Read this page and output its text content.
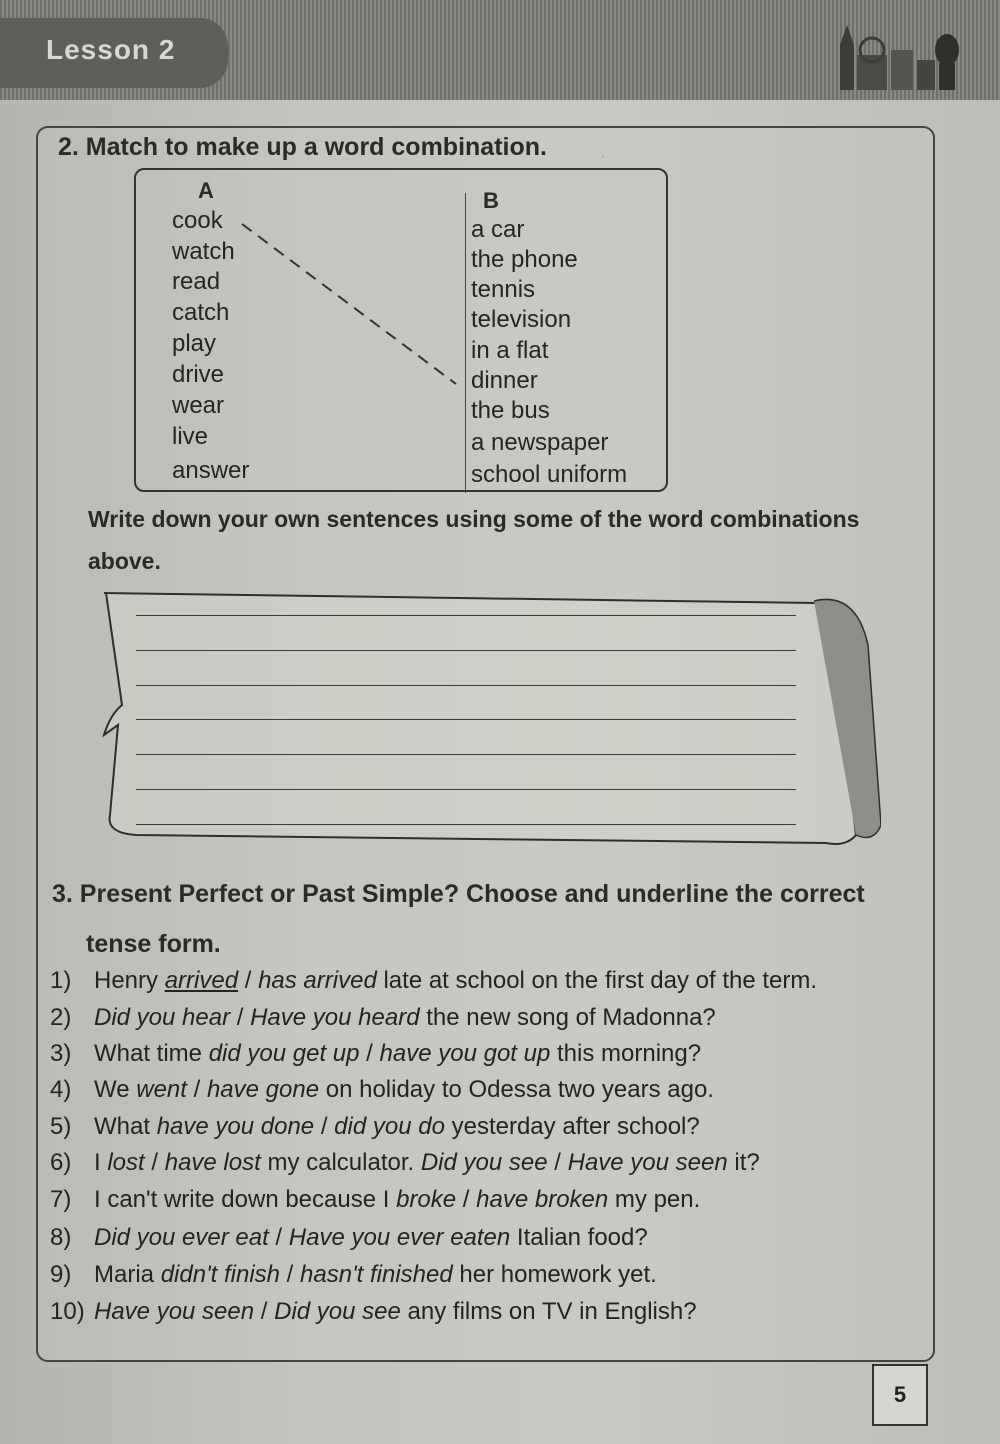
Lesson 2
.
2. Match to make up a word combination.
A	B
cook
watch
read
catch
play
drive
wear
live
answer
a car
the phone
tennis
television
in a flat
dinner
the bus
a newspaper
school uniform
Write down your own sentences using some of the word combinations
above.
3. Present Perfect or Past Simple? Choose and underline the correct
tense form.
1) Henry arrived / has arrived late at school on the first day of the term.
2) Did you hear / Have you heard the new song of Madonna?
3) What time did you get up / have you got up this morning?
4) We went / have gone on holiday to Odessa two years ago.
5) What have you done / did you do yesterday after school?
6) I lost / have lost my calculator. Did you see / Have you seen it?
7) I can't write down because I broke / have broken my pen.
8) Did you ever eat / Have you ever eaten Italian food?
9) Maria didn't finish / hasn't finished her homework yet.
10) Have you seen / Did you see any films on TV in English?
5
